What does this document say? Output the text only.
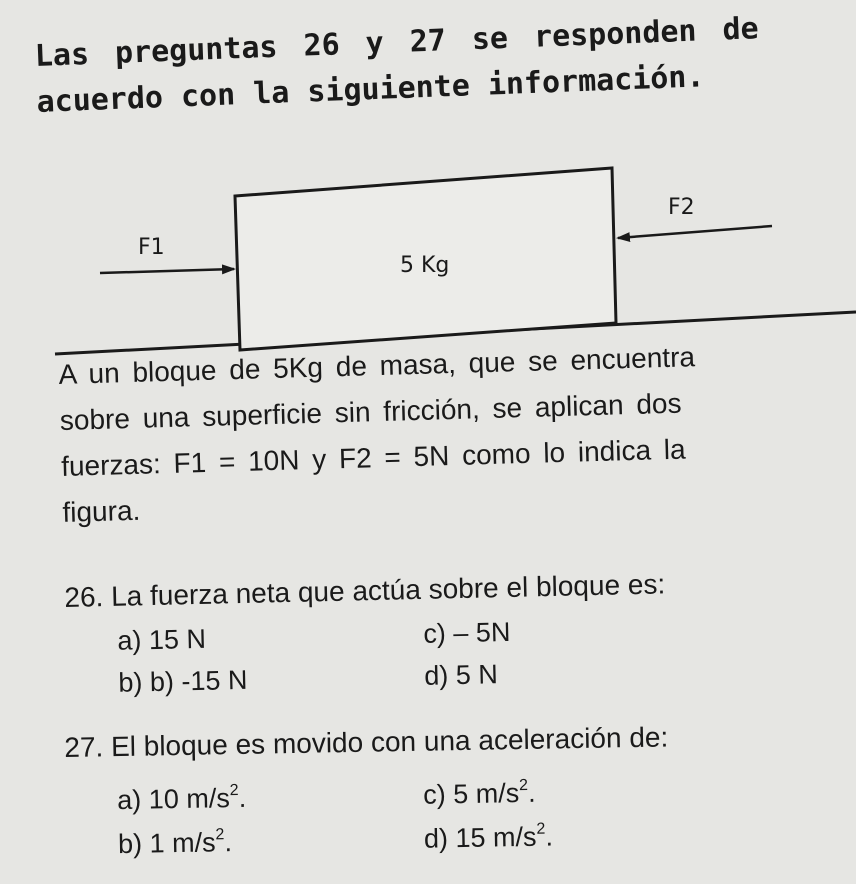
Las preguntas 26 y 27 se responden de
acuerdo con la siguiente información.
5 Kg
F1
F2
A un bloque de 5Kg de masa, que se encuentra
sobre una superficie sin fricción, se aplican dos
fuerzas: F1 = 10N y F2 = 5N como lo indica la
figura.
26. La fuerza neta que actúa sobre el bloque es:
a) 15 N	c) – 5N
b) b) -15 N	d) 5 N
27. El bloque es movido con una aceleración de:
a) 10 $m/s^2$.	c) 5 $m/s^2$.
b) 1 $m/s^2$.	d) 15 $m/s^2$.
